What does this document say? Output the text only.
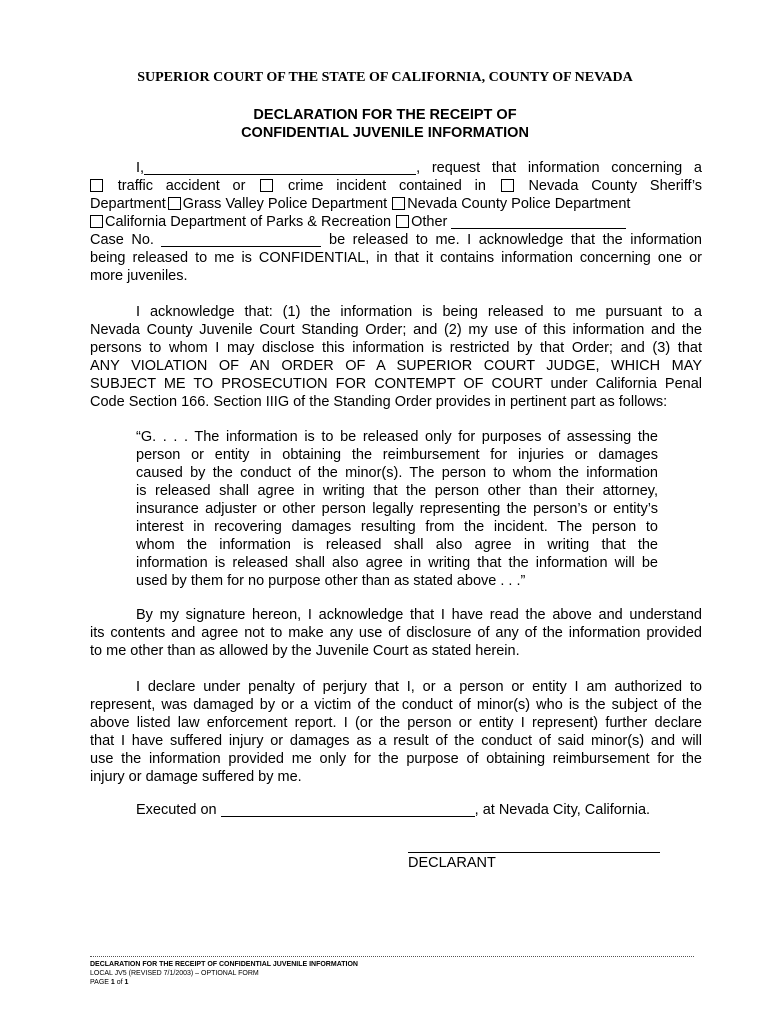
SUPERIOR COURT OF THE STATE OF CALIFORNIA, COUNTY OF NEVADA
DECLARATION FOR THE RECEIPT OF
CONFIDENTIAL JUVENILE INFORMATION
I,	, request that information concerning a
traffic accident or	crime incident contained in	Nevada County Sheriff’s
Department Grass Valley Police Department Nevada County Police Department
California Department of Parks & Recreation Other
Case No.	be released to me. I acknowledge that the information
being released to me is CONFIDENTIAL, in that it contains information concerning one or
more juveniles.
I acknowledge that: (1) the information is being released to me pursuant to a
Nevada County Juvenile Court Standing Order; and (2) my use of this information and the
persons to whom I may disclose this information is restricted by that Order; and (3) that
ANY VIOLATION OF AN ORDER OF A SUPERIOR COURT JUDGE, WHICH MAY
SUBJECT ME TO PROSECUTION FOR CONTEMPT OF COURT under California Penal
Code Section 166. Section IIIG of the Standing Order provides in pertinent part as follows:
“G. . . . The information is to be released only for purposes of assessing the
person or entity in obtaining the reimbursement for injuries or damages
caused by the conduct of the minor(s). The person to whom the information
is released shall agree in writing that the person other than their attorney,
insurance adjuster or other person legally representing the person’s or entity’s
interest in recovering damages resulting from the incident. The person to
whom the information is released shall also agree in writing that the
information is released shall also agree in writing that the information will be
used by them for no purpose other than as stated above . . .”
By my signature hereon, I acknowledge that I have read the above and understand
its contents and agree not to make any use of disclosure of any of the information provided
to me other than as allowed by the Juvenile Court as stated herein.
I declare under penalty of perjury that I, or a person or entity I am authorized to
represent, was damaged by or a victim of the conduct of minor(s) who is the subject of the
above listed law enforcement report. I (or the person or entity I represent) further declare
that I have suffered injury or damages as a result of the conduct of said minor(s) and will
use the information provided me only for the purpose of obtaining reimbursement for the
injury or damage suffered by me.
Executed on	, at Nevada City, California.
DECLARANT
DECLARATION FOR THE RECEIPT OF CONFIDENTIAL JUVENILE INFORMATION
LOCAL JV5 (REVISED 7/1/2003) – OPTIONAL FORM
PAGE 1 of 1
